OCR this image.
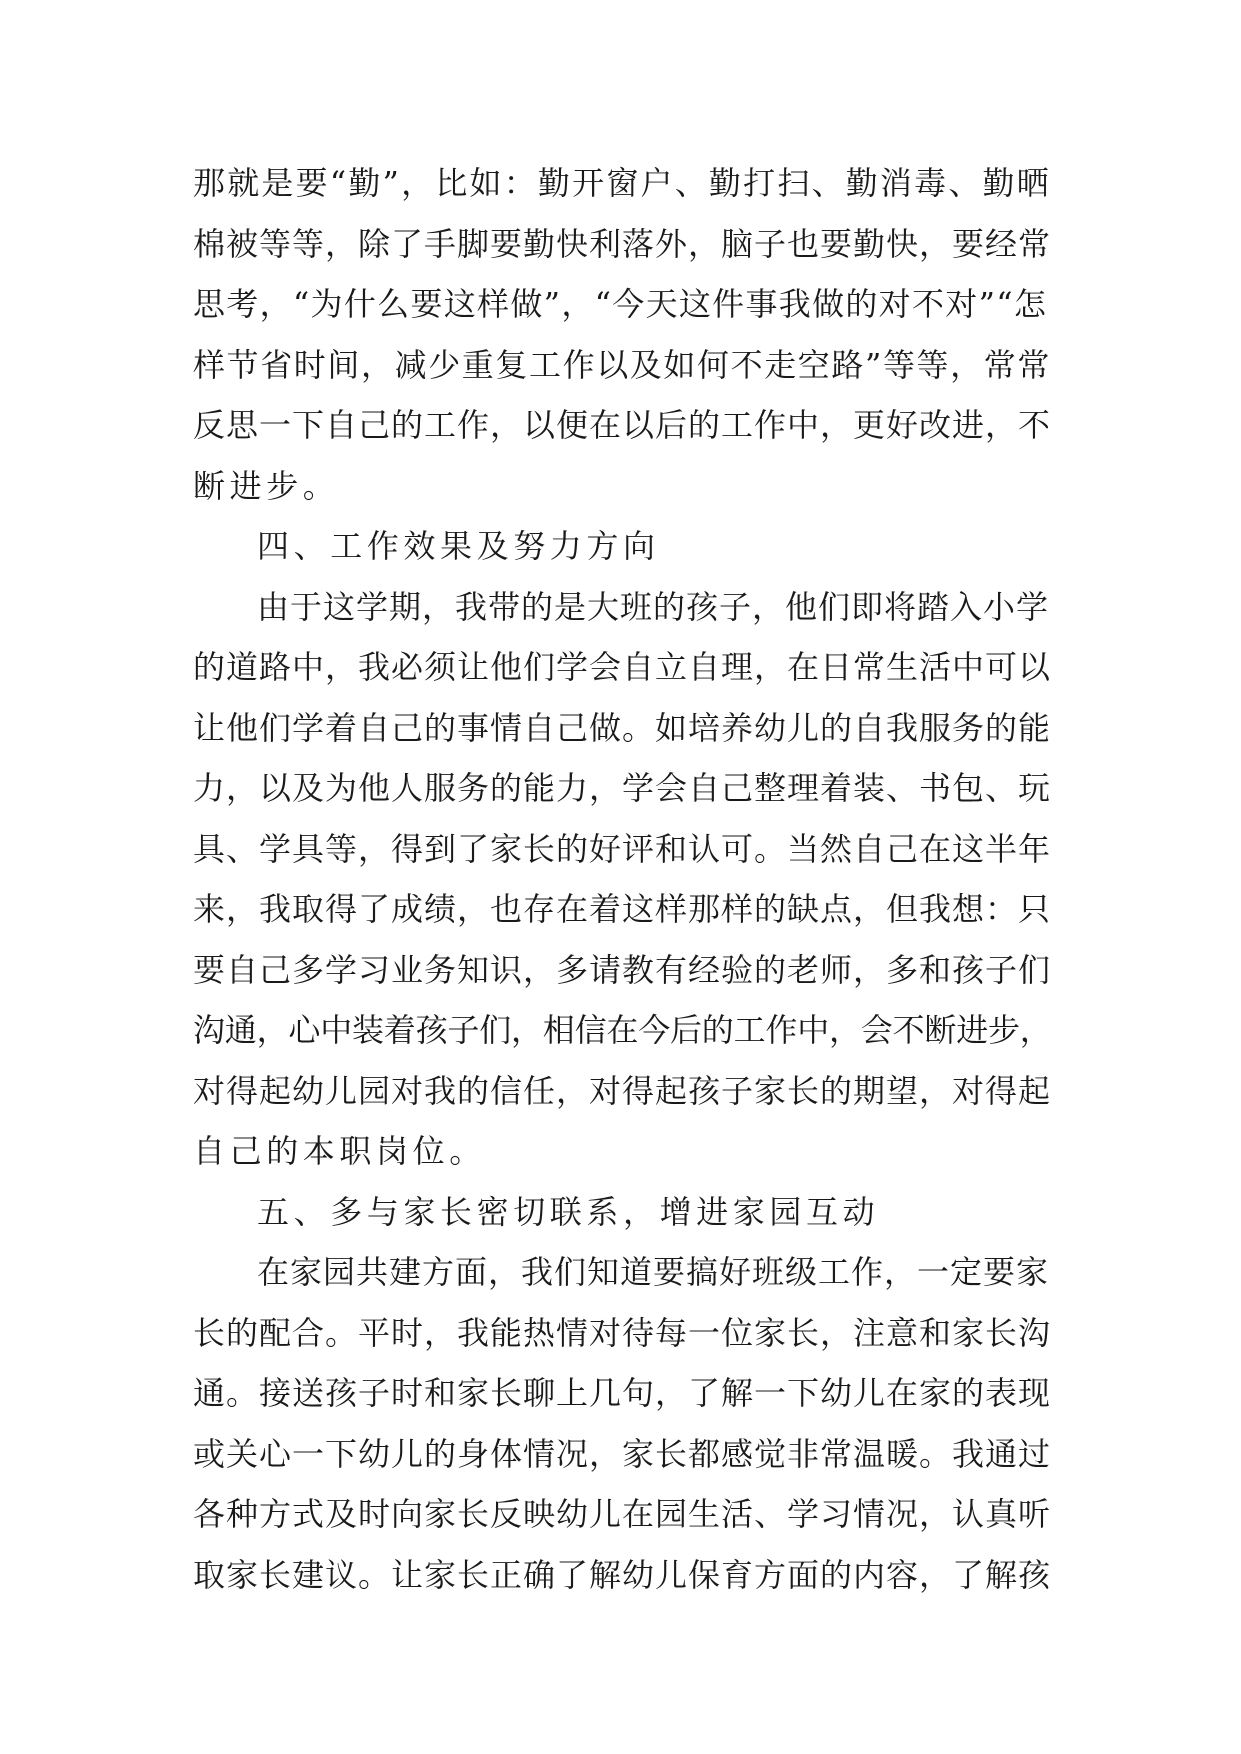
那就是要“勤”，比如：勤开窗户、勤打扫、勤消毒、勤晒
棉被等等，除了手脚要勤快利落外，脑子也要勤快，要经常
思考，“为什么要这样做”，“今天这件事我做的对不对”“怎
样节省时间，减少重复工作以及如何不走空路”等等，常常
反思一下自己的工作，以便在以后的工作中，更好改进，不
断进步。
四、工作效果及努力方向
由于这学期，我带的是大班的孩子，他们即将踏入小学
的道路中，我必须让他们学会自立自理，在日常生活中可以
让他们学着自己的事情自己做。如培养幼儿的自我服务的能
力，以及为他人服务的能力，学会自己整理着装、书包、玩
具、学具等，得到了家长的好评和认可。当然自己在这半年
来，我取得了成绩，也存在着这样那样的缺点，但我想：只
要自己多学习业务知识，多请教有经验的老师，多和孩子们
沟通，心中装着孩子们，相信在今后的工作中，会不断进步，
对得起幼儿园对我的信任，对得起孩子家长的期望，对得起
自己的本职岗位。
五、多与家长密切联系，增进家园互动
在家园共建方面，我们知道要搞好班级工作，一定要家
长的配合。平时，我能热情对待每一位家长，注意和家长沟
通。接送孩子时和家长聊上几句，了解一下幼儿在家的表现
或关心一下幼儿的身体情况，家长都感觉非常温暖。我通过
各种方式及时向家长反映幼儿在园生活、学习情况，认真听
取家长建议。让家长正确了解幼儿保育方面的内容，了解孩
